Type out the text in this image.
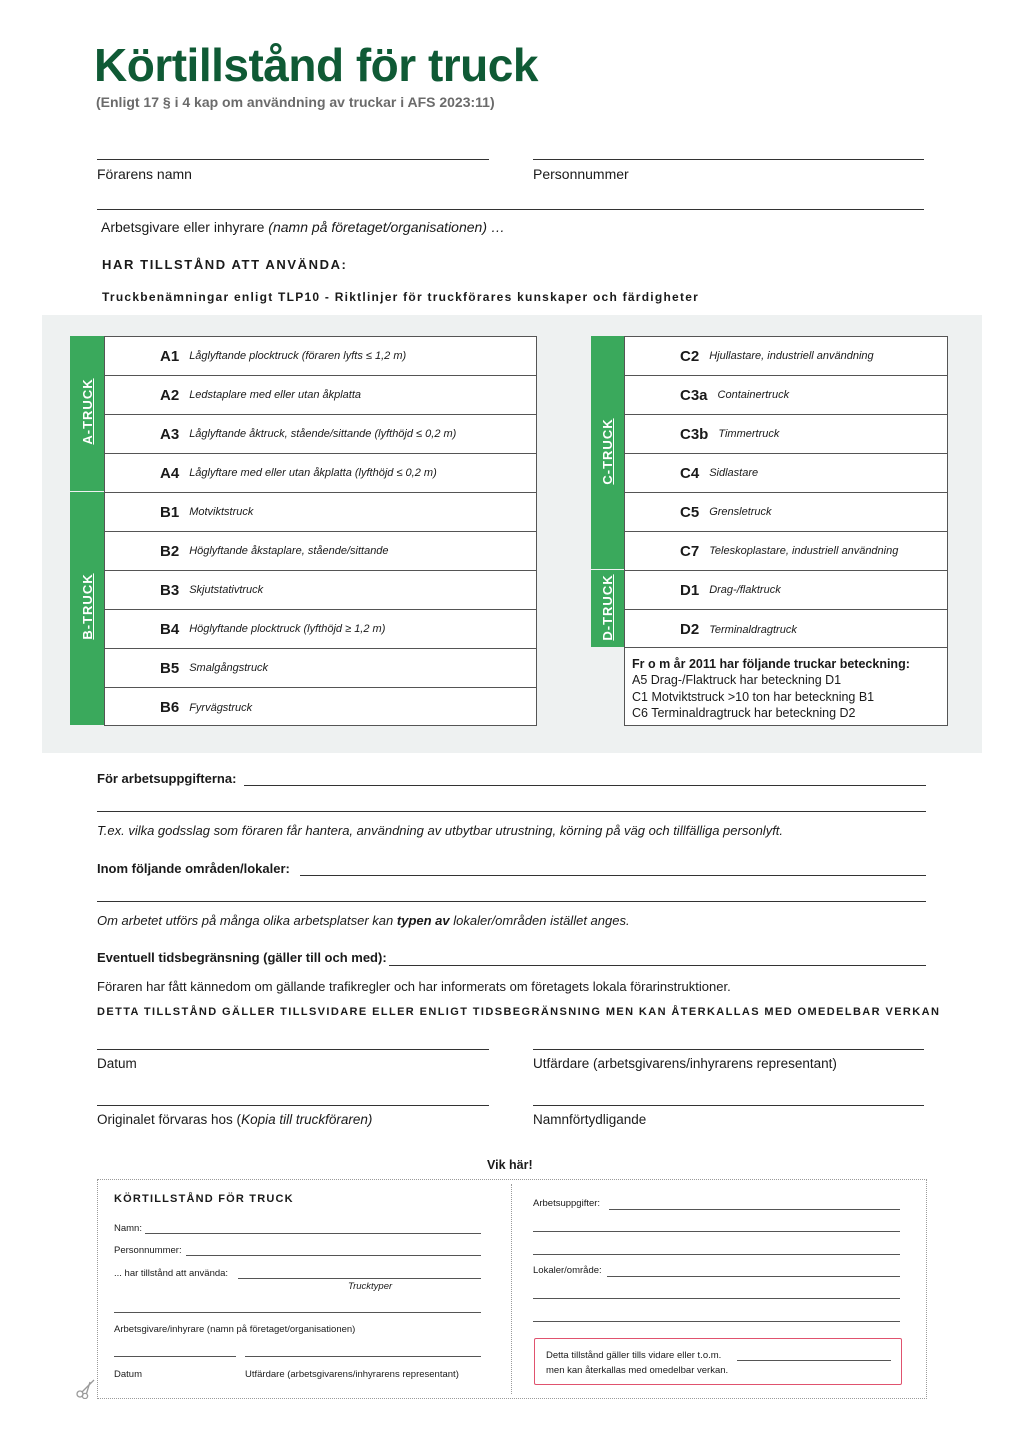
Körtillstånd för truck
(Enligt 17 § i 4 kap om användning av truckar i AFS 2023:11)
Förarens namn	Personnummer
Arbetsgivare eller inhyrare (namn på företaget/organisationen) …
HAR TILLSTÅND ATT ANVÄNDA:
Truckbenämningar enligt TLP10 - Riktlinjer för truckförares kunskaper och färdigheter
A-TRUCK
B-TRUCK
A1 Låglyftande plocktruck (föraren lyfts ≤ 1,2 m)
A2 Ledstaplare med eller utan åkplatta
A3 Låglyftande åktruck, stående/sittande (lyfthöjd ≤ 0,2 m)
A4 Låglyftare med eller utan åkplatta (lyfthöjd ≤ 0,2 m)
B1 Motviktstruck
B2 Höglyftande åkstaplare, stående/sittande
B3 Skjutstativtruck
B4 Höglyftande plocktruck (lyfthöjd ≥ 1,2 m)
B5 Smalgångstruck
B6 Fyrvägstruck
C-TRUCK
D-TRUCK
C2 Hjullastare, industriell användning
C3a Containertruck
C3b Timmertruck
C4 Sidlastare
C5 Grensletruck
C7 Teleskoplastare, industriell användning
D1 Drag-/flaktruck
D2 Terminaldragtruck
Fr o m år 2011 har följande truckar beteckning:
A5 Drag-/Flaktruck har beteckning D1
C1 Motviktstruck >10 ton har beteckning B1
C6 Terminaldragtruck har beteckning D2
För arbetsuppgifterna:
T.ex. vilka godsslag som föraren får hantera, användning av utbytbar utrustning, körning på väg och tillfälliga personlyft.
Inom följande områden/lokaler:
Om arbetet utförs på många olika arbetsplatser kan typen av lokaler/områden istället anges.
Eventuell tidsbegränsning (gäller till och med):
Föraren har fått kännedom om gällande trafikregler och har informerats om företagets lokala förarinstruktioner.
DETTA TILLSTÅND GÄLLER TILLSVIDARE ELLER ENLIGT TIDSBEGRÄNSNING MEN KAN ÅTERKALLAS MED OMEDELBAR VERKAN
Datum	Utfärdare (arbetsgivarens/inhyrarens representant)
Originalet förvaras hos (Kopia till truckföraren)	Namnförtydligande
Vik här!
KÖRTILLSTÅND FÖR TRUCK
Namn:
Personnummer:
... har tillstånd att använda:
Trucktyper
Arbetsgivare/inhyrare (namn på företaget/organisationen)
Datum	Utfärdare (arbetsgivarens/inhyrarens representant)
Arbetsuppgifter:
Lokaler/område:
Detta tillstånd gäller tills vidare eller t.o.m.
men kan återkallas med omedelbar verkan.
